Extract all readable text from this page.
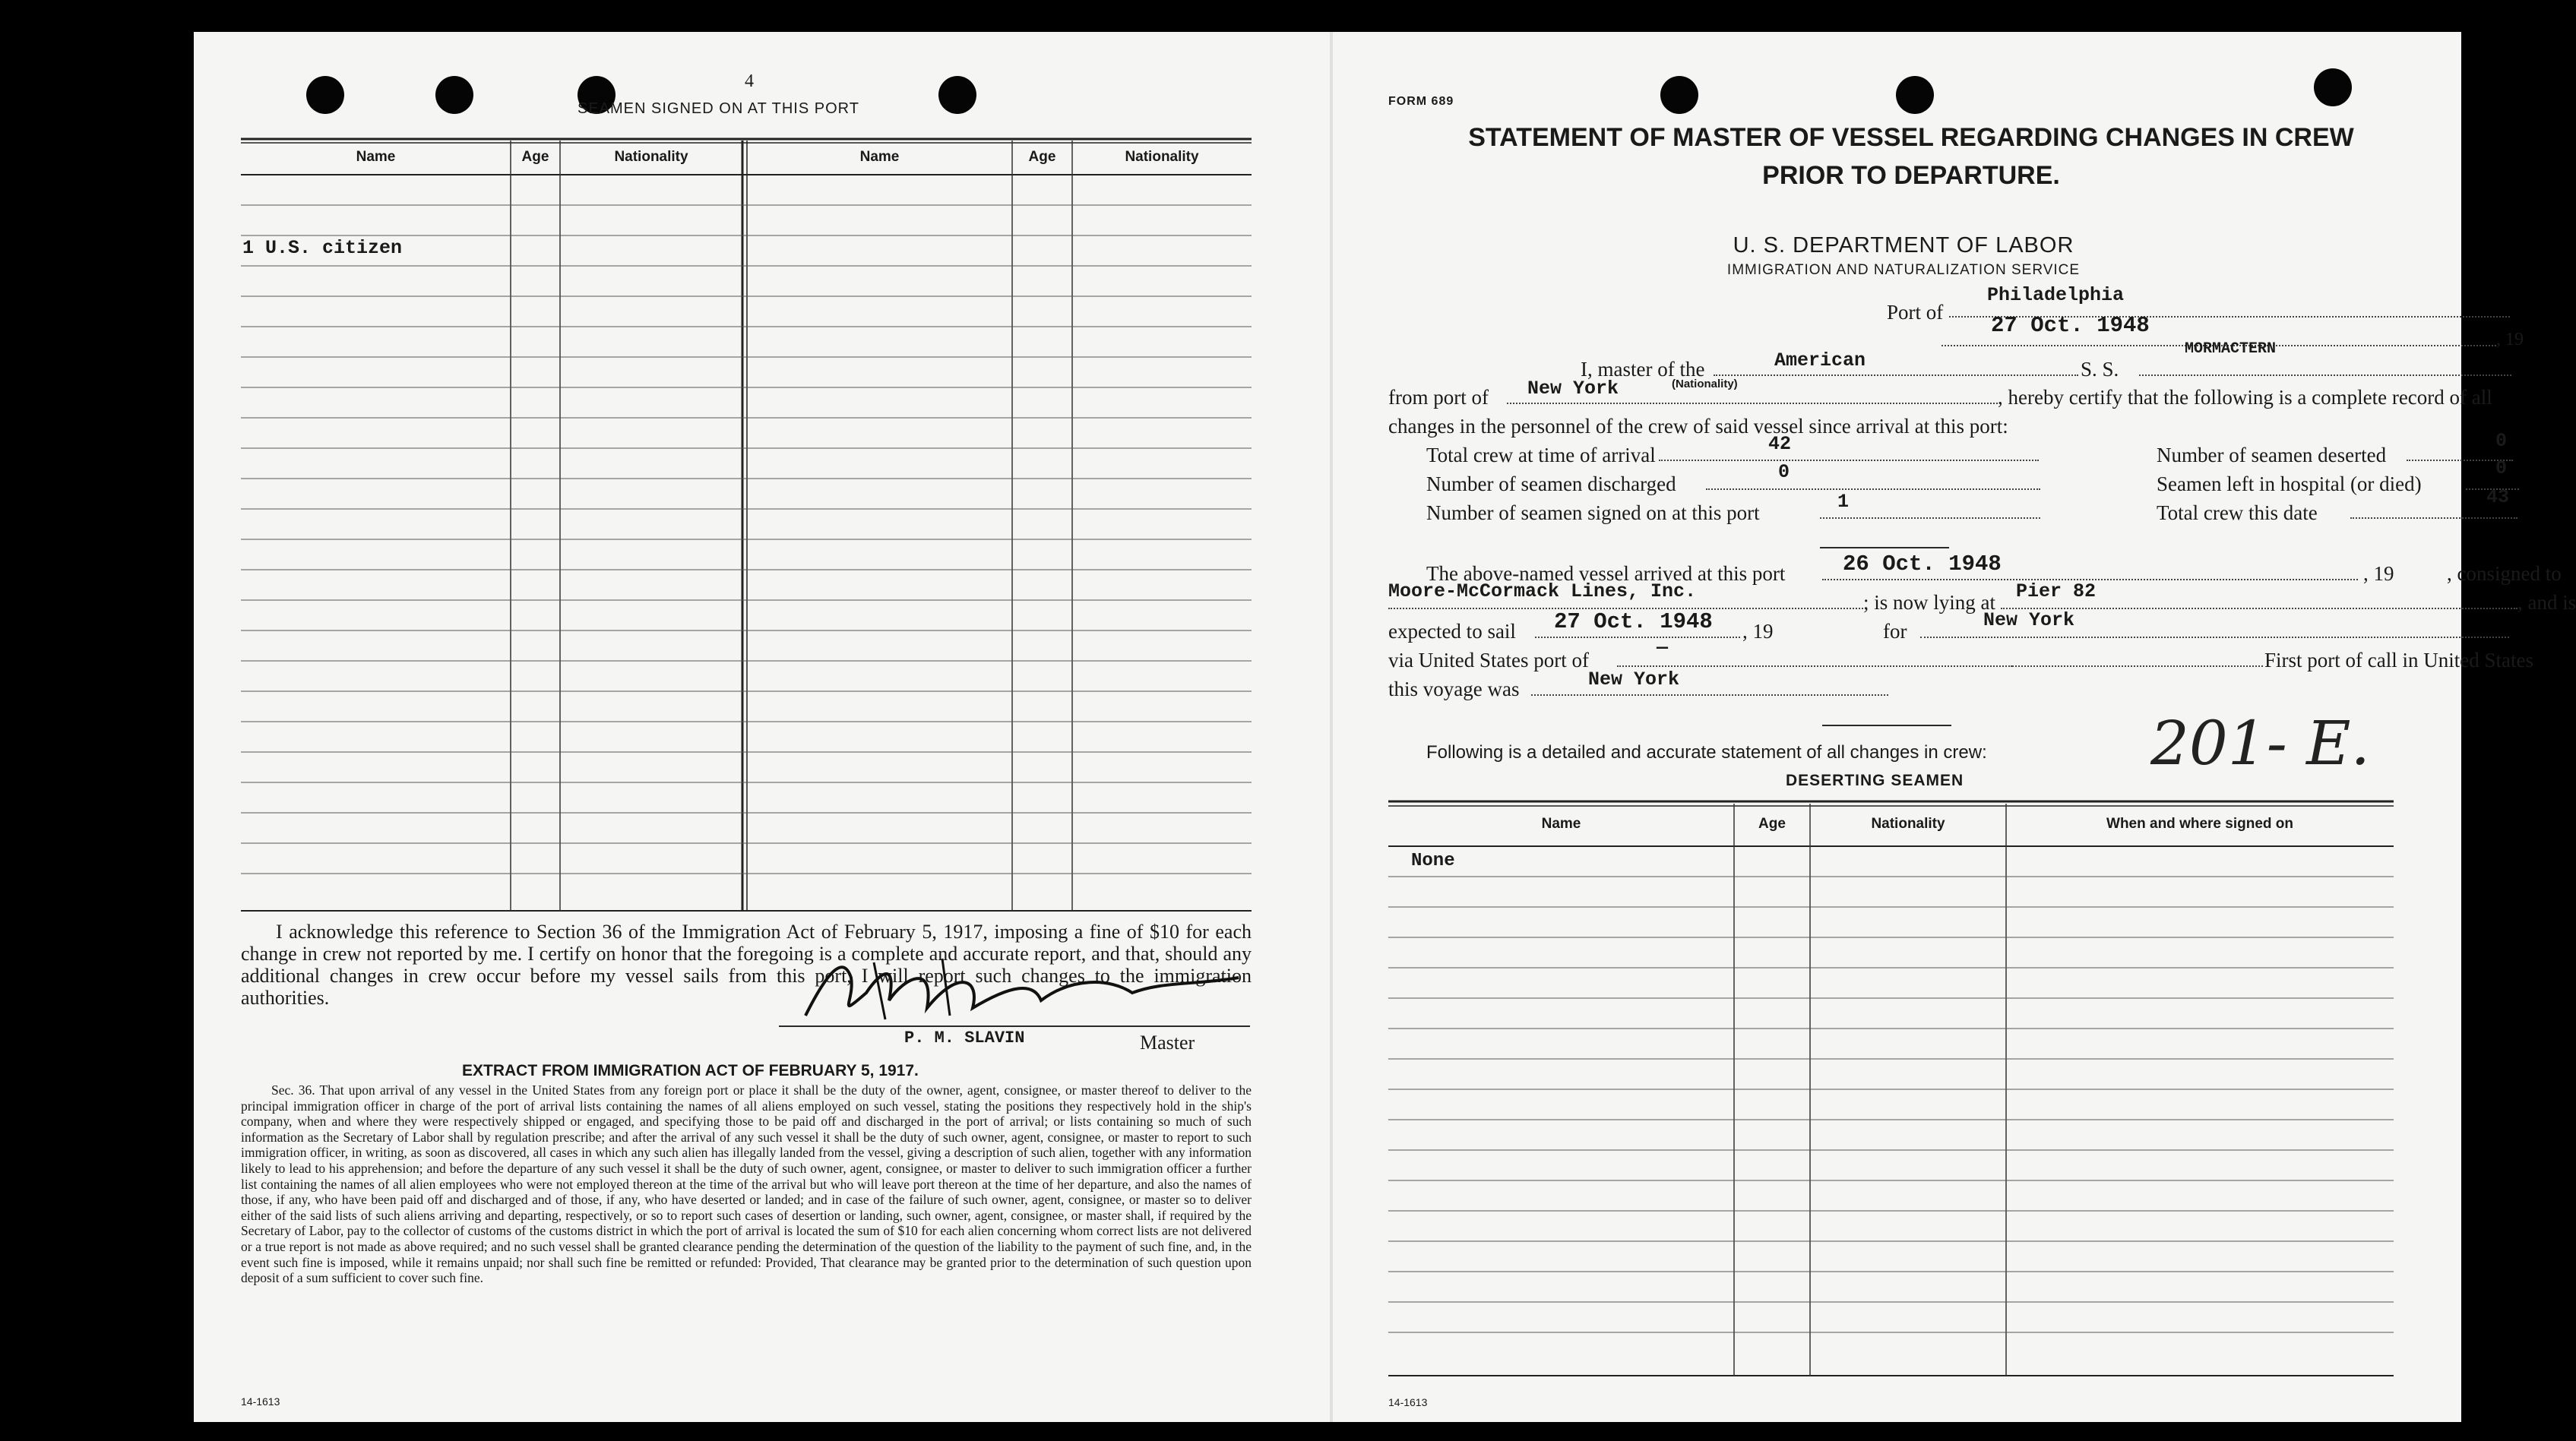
4
SEAMEN SIGNED ON AT THIS PORT
Name	Age	Nationality	Name	Age	Nationality
1 U.S. citizen
I acknowledge this reference to Section 36 of the Immigration Act of February 5, 1917, imposing a fine of $10 for each change in crew not reported by me. I certify on honor that the foregoing is a complete and accurate report, and that, should any additional changes in crew occur before my vessel sails from this port, I will report such changes to the immigration authorities.
P. M. SLAVIN	Master
EXTRACT FROM IMMIGRATION ACT OF FEBRUARY 5, 1917.
Sec. 36. That upon arrival of any vessel in the United States from any foreign port or place it shall be the duty of the owner, agent, consignee, or master thereof to deliver to the principal immigration officer in charge of the port of arrival lists containing the names of all aliens employed on such vessel, stating the positions they respectively hold in the ship's company, when and where they were respectively shipped or engaged, and specifying those to be paid off and discharged in the port of arrival; or lists containing so much of such information as the Secretary of Labor shall by regulation prescribe; and after the arrival of any such vessel it shall be the duty of such owner, agent, consignee, or master to report to such immigration officer, in writing, as soon as discovered, all cases in which any such alien has illegally landed from the vessel, giving a description of such alien, together with any information likely to lead to his apprehension; and before the departure of any such vessel it shall be the duty of such owner, agent, consignee, or master to deliver to such immigration officer a further list containing the names of all alien employees who were not employed thereon at the time of the arrival but who will leave port thereon at the time of her departure, and also the names of those, if any, who have been paid off and discharged and of those, if any, who have deserted or landed; and in case of the failure of such owner, agent, consignee, or master so to deliver either of the said lists of such aliens arriving and departing, respectively, or so to report such cases of desertion or landing, such owner, agent, consignee, or master shall, if required by the Secretary of Labor, pay to the collector of customs of the customs district in which the port of arrival is located the sum of $10 for each alien concerning whom correct lists are not delivered or a true report is not made as above required; and no such vessel shall be granted clearance pending the determination of the question of the liability to the payment of such fine, and, in the event such fine is imposed, while it remains unpaid; nor shall such fine be remitted or refunded: Provided, That clearance may be granted prior to the determination of such question upon deposit of a sum sufficient to cover such fine.
14-1613
FORM 689
STATEMENT OF MASTER OF VESSEL REGARDING CHANGES IN CREW
PRIOR TO DEPARTURE.
U. S. DEPARTMENT OF LABOR
IMMIGRATION AND NATURALIZATION SERVICE
Port of
Philadelphia
27 Oct. 1948
, 19
I, master of the	American	S. S.
MORMACTERN
from port of New York	(Nationality)
, hereby certify that the following is a complete record of all
changes in the personnel of the crew of said vessel since arrival at this port:
Total crew at time of arrival	42
Number of seamen discharged
0
Number of seamen signed on at this port	1
Number of seamen deserted
0
Seamen left in hospital (or died)
0
Total crew this date
43
The above-named vessel arrived at this port	26 Oct. 1948	, 19	, consigned to
Moore-McCormack Lines, Inc.	; is now lying at Pier 82	, and is
expected to sail 27 Oct. 1948 , 19	for	New York
via United States port of
—
First port of call in United States
this voyage was	New York
201- E.
Following is a detailed and accurate statement of all changes in crew:
DESERTING SEAMEN
Name	Age	Nationality	When and where signed on
None
14-1613
